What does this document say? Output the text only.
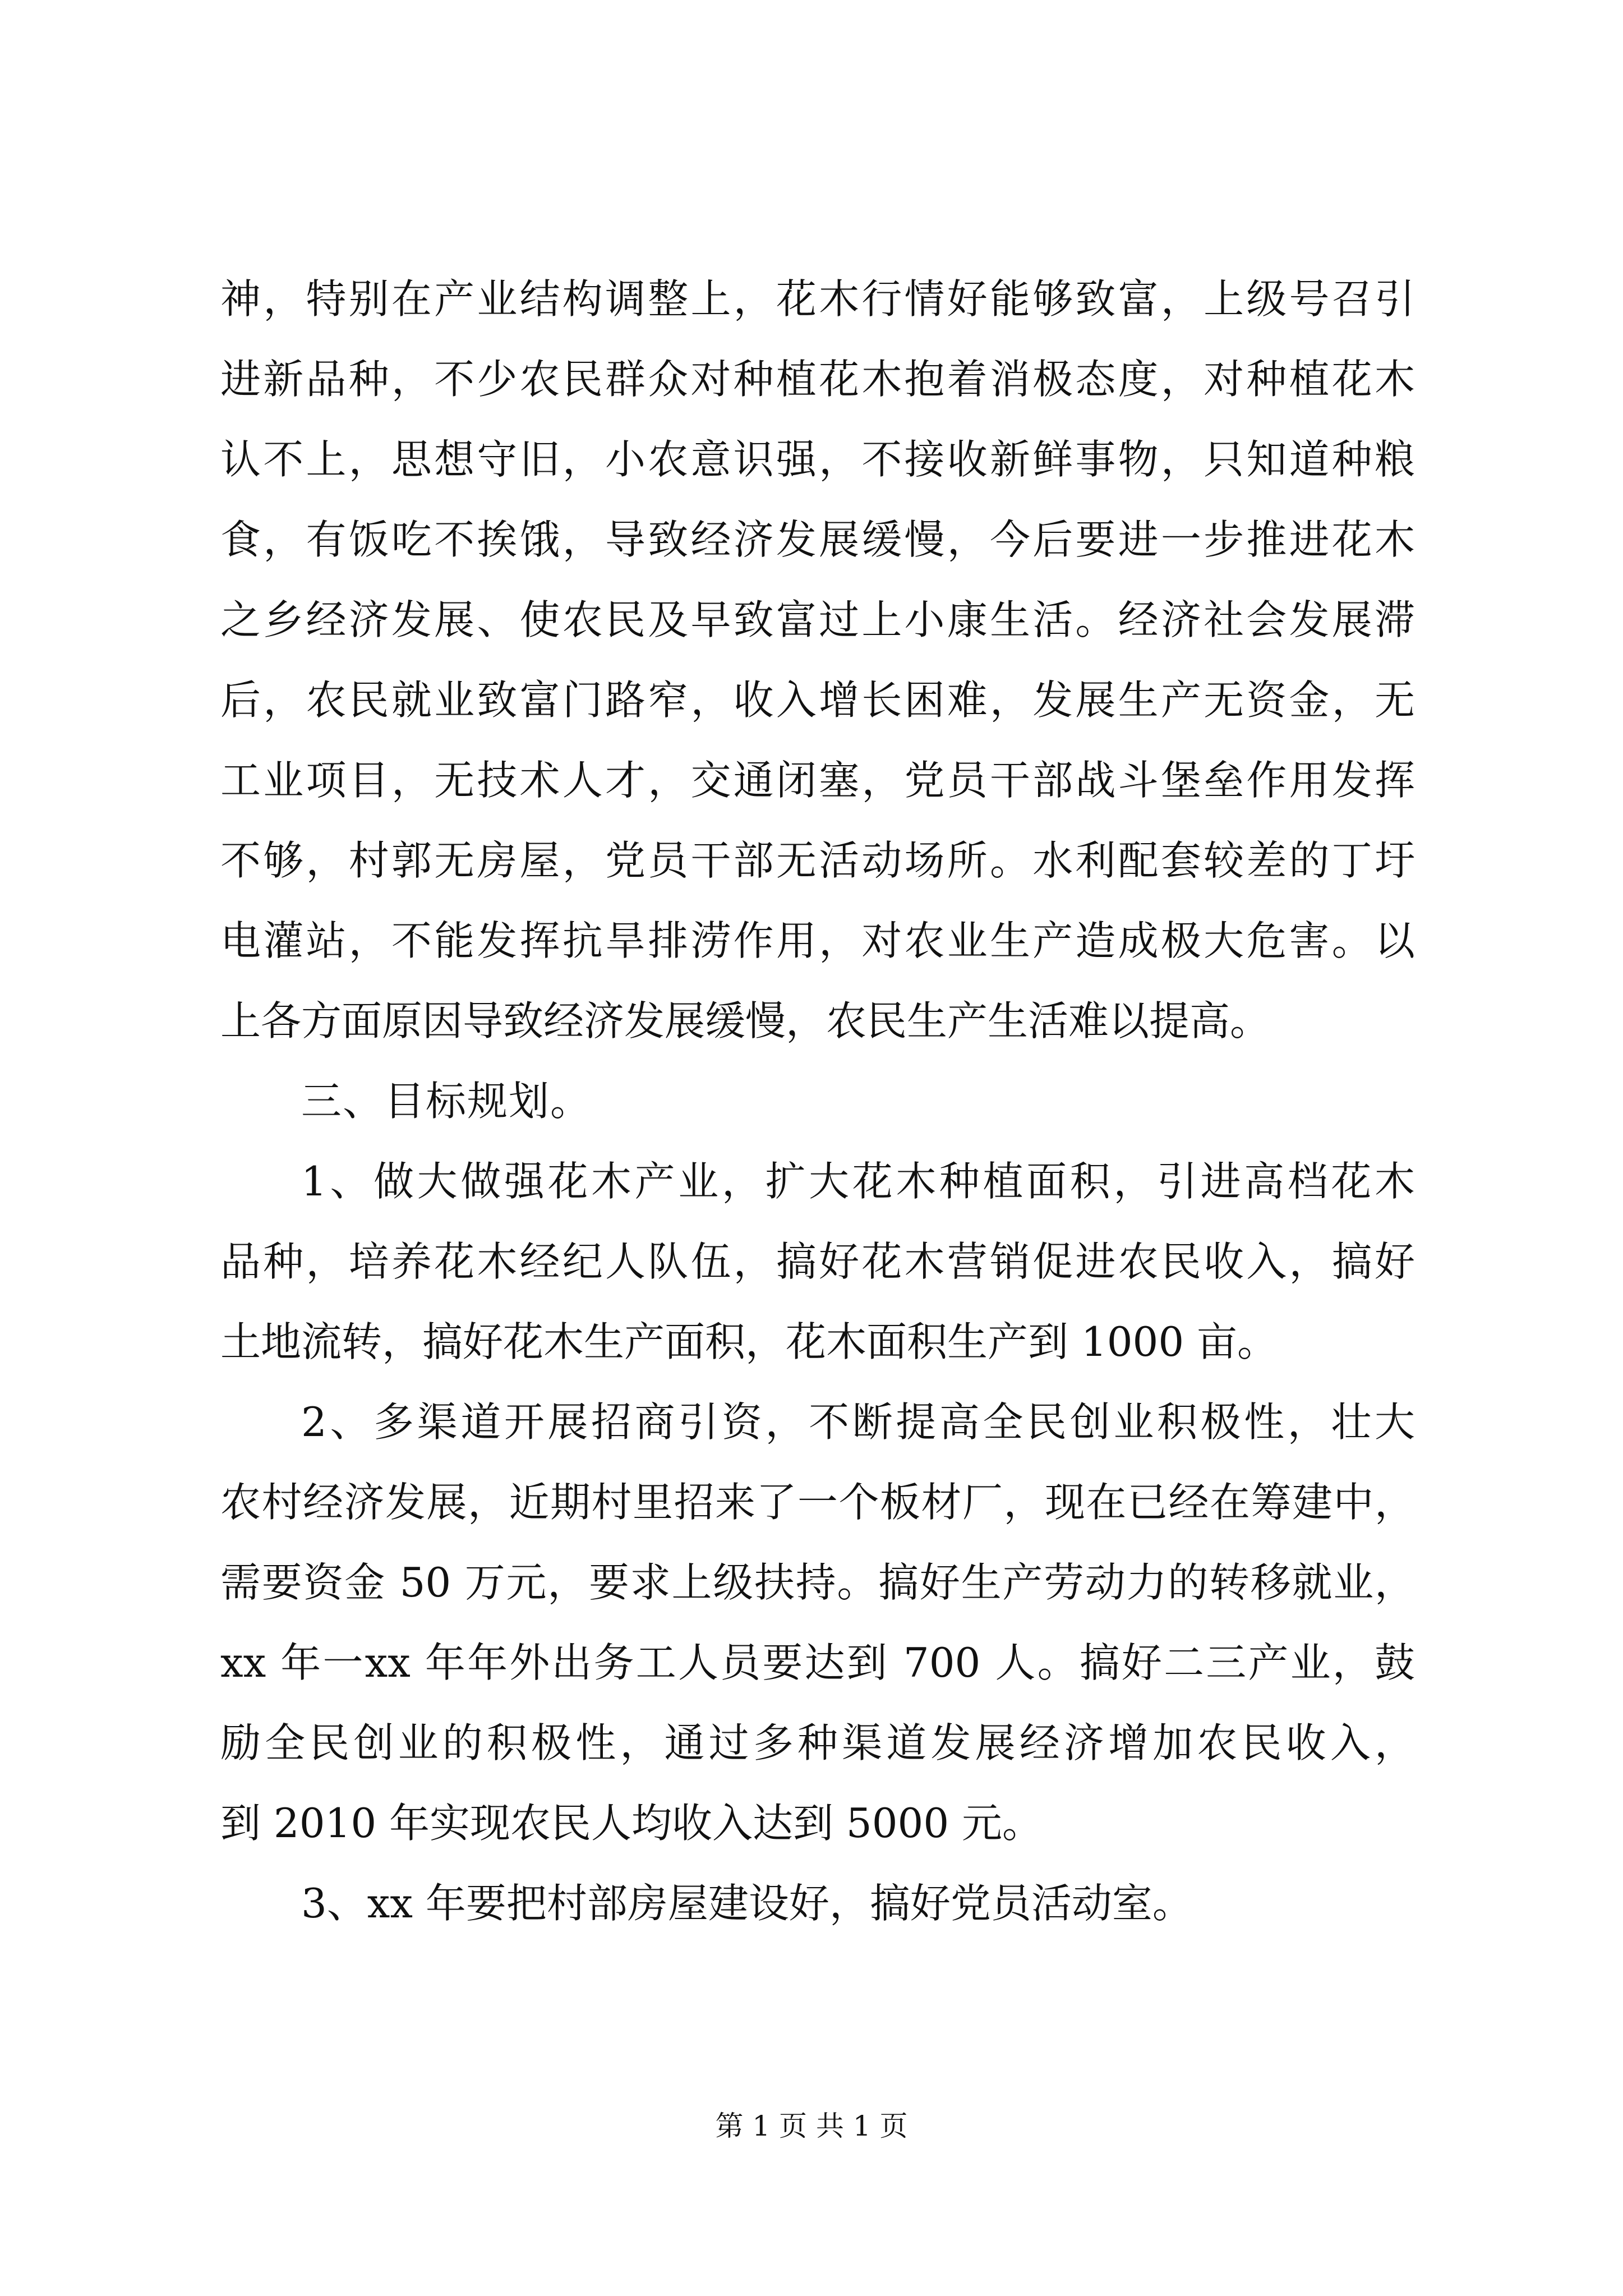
神，特别在产业结构调整上，花木行情好能够致富，上级号召引
进新品种，不少农民群众对种植花木抱着消极态度，对种植花木
认不上，思想守旧，小农意识强，不接收新鲜事物，只知道种粮
食，有饭吃不挨饿，导致经济发展缓慢，今后要进一步推进花木
之乡经济发展、使农民及早致富过上小康生活。经济社会发展滞
后，农民就业致富门路窄，收入增长困难，发展生产无资金，无
工业项目，无技术人才，交通闭塞，党员干部战斗堡垒作用发挥
不够，村郭无房屋，党员干部无活动场所。水利配套较差的丁圩
电灌站，不能发挥抗旱排涝作用，对农业生产造成极大危害。以
上各方面原因导致经济发展缓慢，农民生产生活难以提高。
三、目标规划。
1、做大做强花木产业，扩大花木种植面积，引进高档花木
品种，培养花木经纪人队伍，搞好花木营销促进农民收入，搞好
土地流转，搞好花木生产面积，花木面积生产到 1000 亩。
2、多渠道开展招商引资，不断提高全民创业积极性，壮大
农村经济发展，近期村里招来了一个板材厂，现在已经在筹建中，
需要资金 50 万元，要求上级扶持。搞好生产劳动力的转移就业，
xx 年一xx 年年外出务工人员要达到 700 人。搞好二三产业，鼓
励全民创业的积极性，通过多种渠道发展经济增加农民收入，
到 2010 年实现农民人均收入达到 5000 元。
3、xx 年要把村部房屋建设好，搞好党员活动室。
第 1 页 共 1 页
